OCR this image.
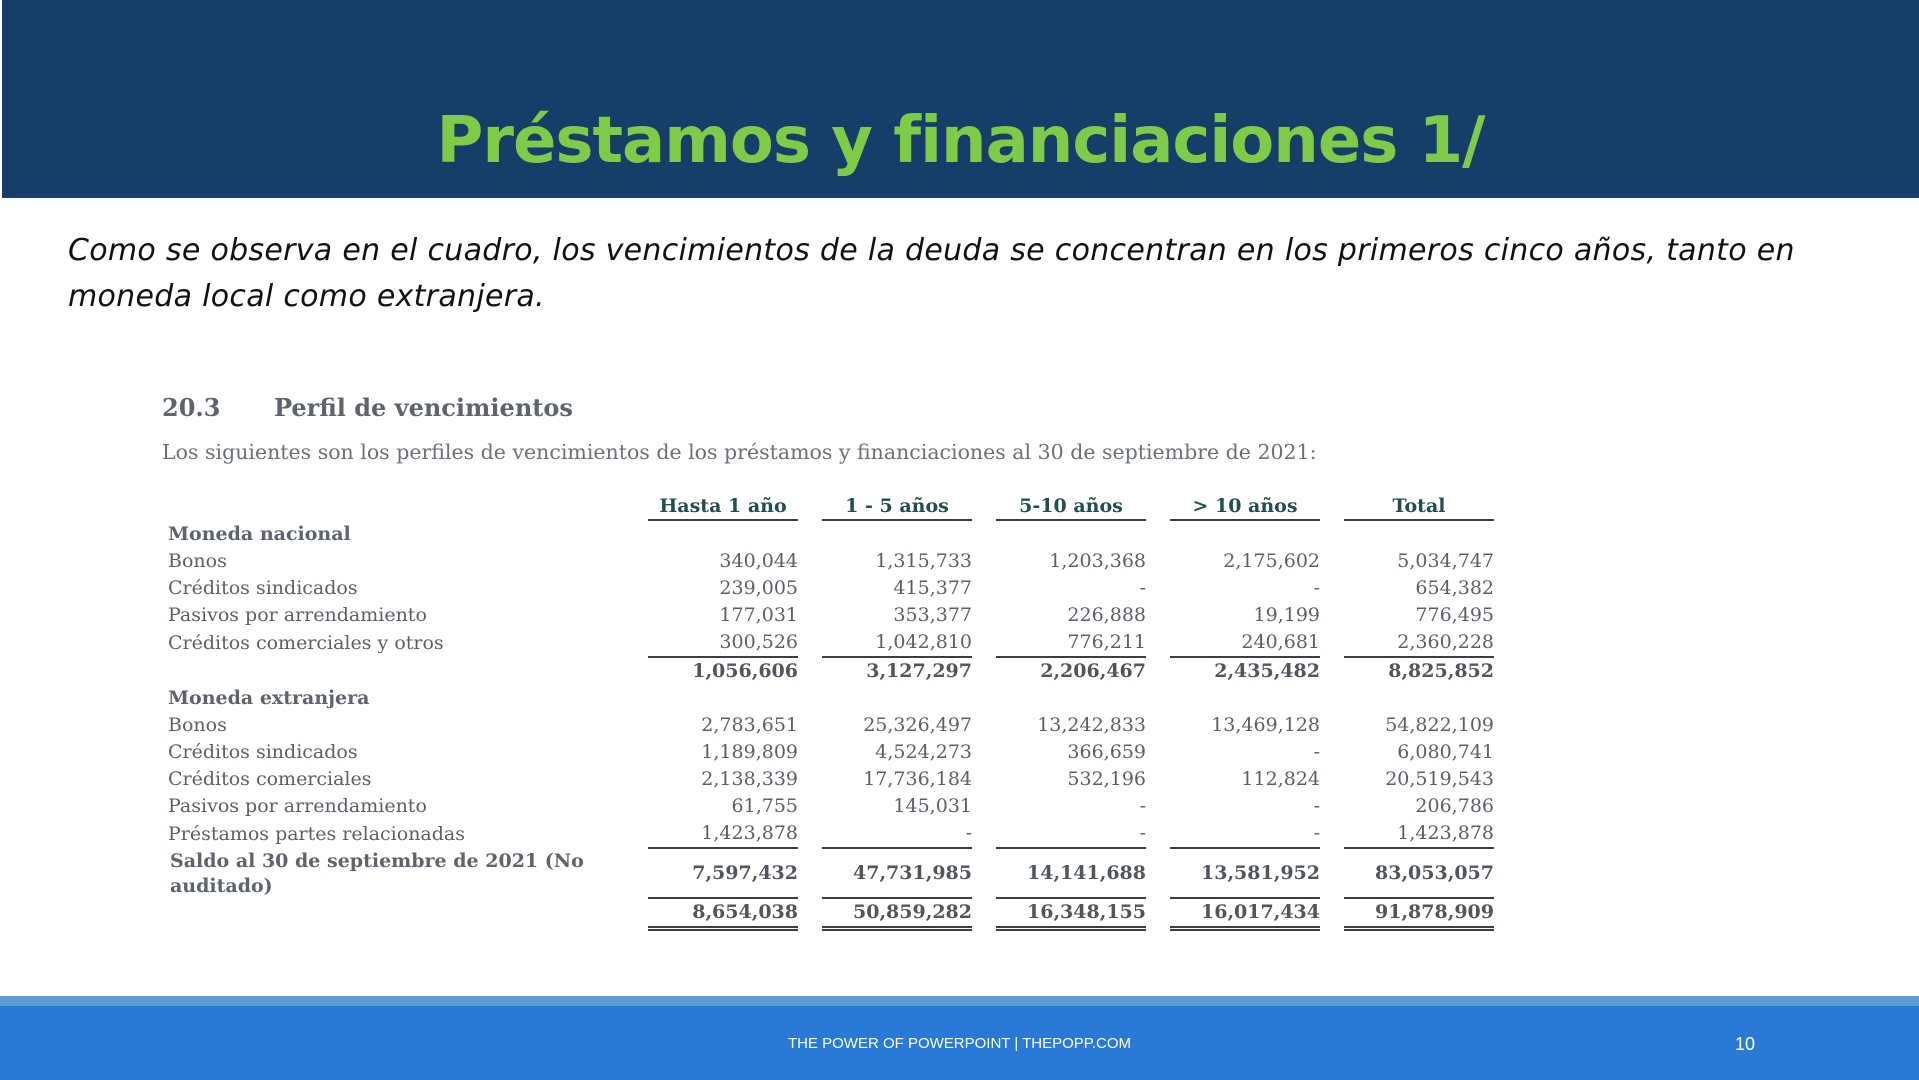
Préstamos y financiaciones 1/
Como se observa en el cuadro, los vencimientos de la deuda se concentran en los primeros cinco años, tanto en moneda local como extranjera.
20.3 Perfil de vencimientos
Los siguientes son los perfiles de vencimientos de los préstamos y financiaciones al 30 de septiembre de 2021:
	Hasta 1 año		1 - 5 años		5-10 años		> 10 años		Total
Moneda nacional									
Bonos	340,044		1,315,733		1,203,368		2,175,602		5,034,747
Créditos sindicados	239,005		415,377		-		-		654,382
Pasivos por arrendamiento	177,031		353,377		226,888		19,199		776,495
Créditos comerciales y otros	300,526		1,042,810		776,211		240,681		2,360,228
	1,056,606		3,127,297		2,206,467		2,435,482		8,825,852
Moneda extranjera									
Bonos	2,783,651		25,326,497		13,242,833		13,469,128		54,822,109
Créditos sindicados	1,189,809		4,524,273		366,659		-		6,080,741
Créditos comerciales	2,138,339		17,736,184		532,196		112,824		20,519,543
Pasivos por arrendamiento	61,755		145,031		-		-		206,786
Préstamos partes relacionadas	1,423,878		-		-		-		1,423,878
Saldo al 30 de septiembre de 2021 (No auditado)	7,597,432		47,731,985		14,141,688		13,581,952		83,053,057
	8,654,038		50,859,282		16,348,155		16,017,434		91,878,909
THE POWER OF POWERPOINT | THEPOPP.COM	10
